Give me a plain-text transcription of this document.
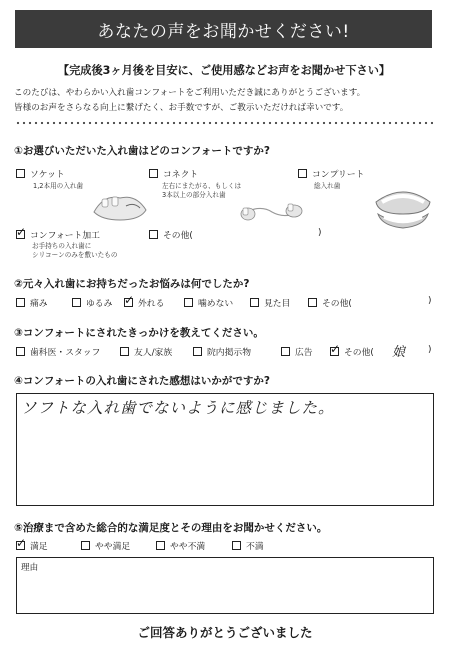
あなたの声をお聞かせください!
【完成後3ヶ月後を目安に、ご使用感などお声をお聞かせ下さい】
このたびは、やわらかい入れ歯コンフォートをご利用いただき誠にありがとうございます。
皆様のお声をさらなる向上に繋げたく、お手数ですが、ご教示いただければ幸いです。
①お選びいただいた入れ歯はどのコンフォートですか?
ソケット
1,2本用の入れ歯
コネクト
左右にまたがる、もしくは
3本以上の部分入れ歯
コンプリート
総入れ歯
✓ コンフォート加工
お手持ちの入れ歯に
シリコーンのみを敷いたもの
その他(	)
②元々入れ歯にお持ちだったお悩みは何でしたか?
痛み	ゆるみ ✓ 外れる	噛めない	見た目	その他(	)
③コンフォートにされたきっかけを教えてください。
歯科医・スタッフ	友人/家族	院内掲示物	広告 ✓ その他( 娘	)
④コンフォートの入れ歯にされた感想はいかがですか?
ソフトな入れ歯でないように感じました。
⑤治療まで含めた総合的な満足度とその理由をお聞かせください。
✓ 満足	やや満足	やや不満	不満
理由
ご回答ありがとうございました
